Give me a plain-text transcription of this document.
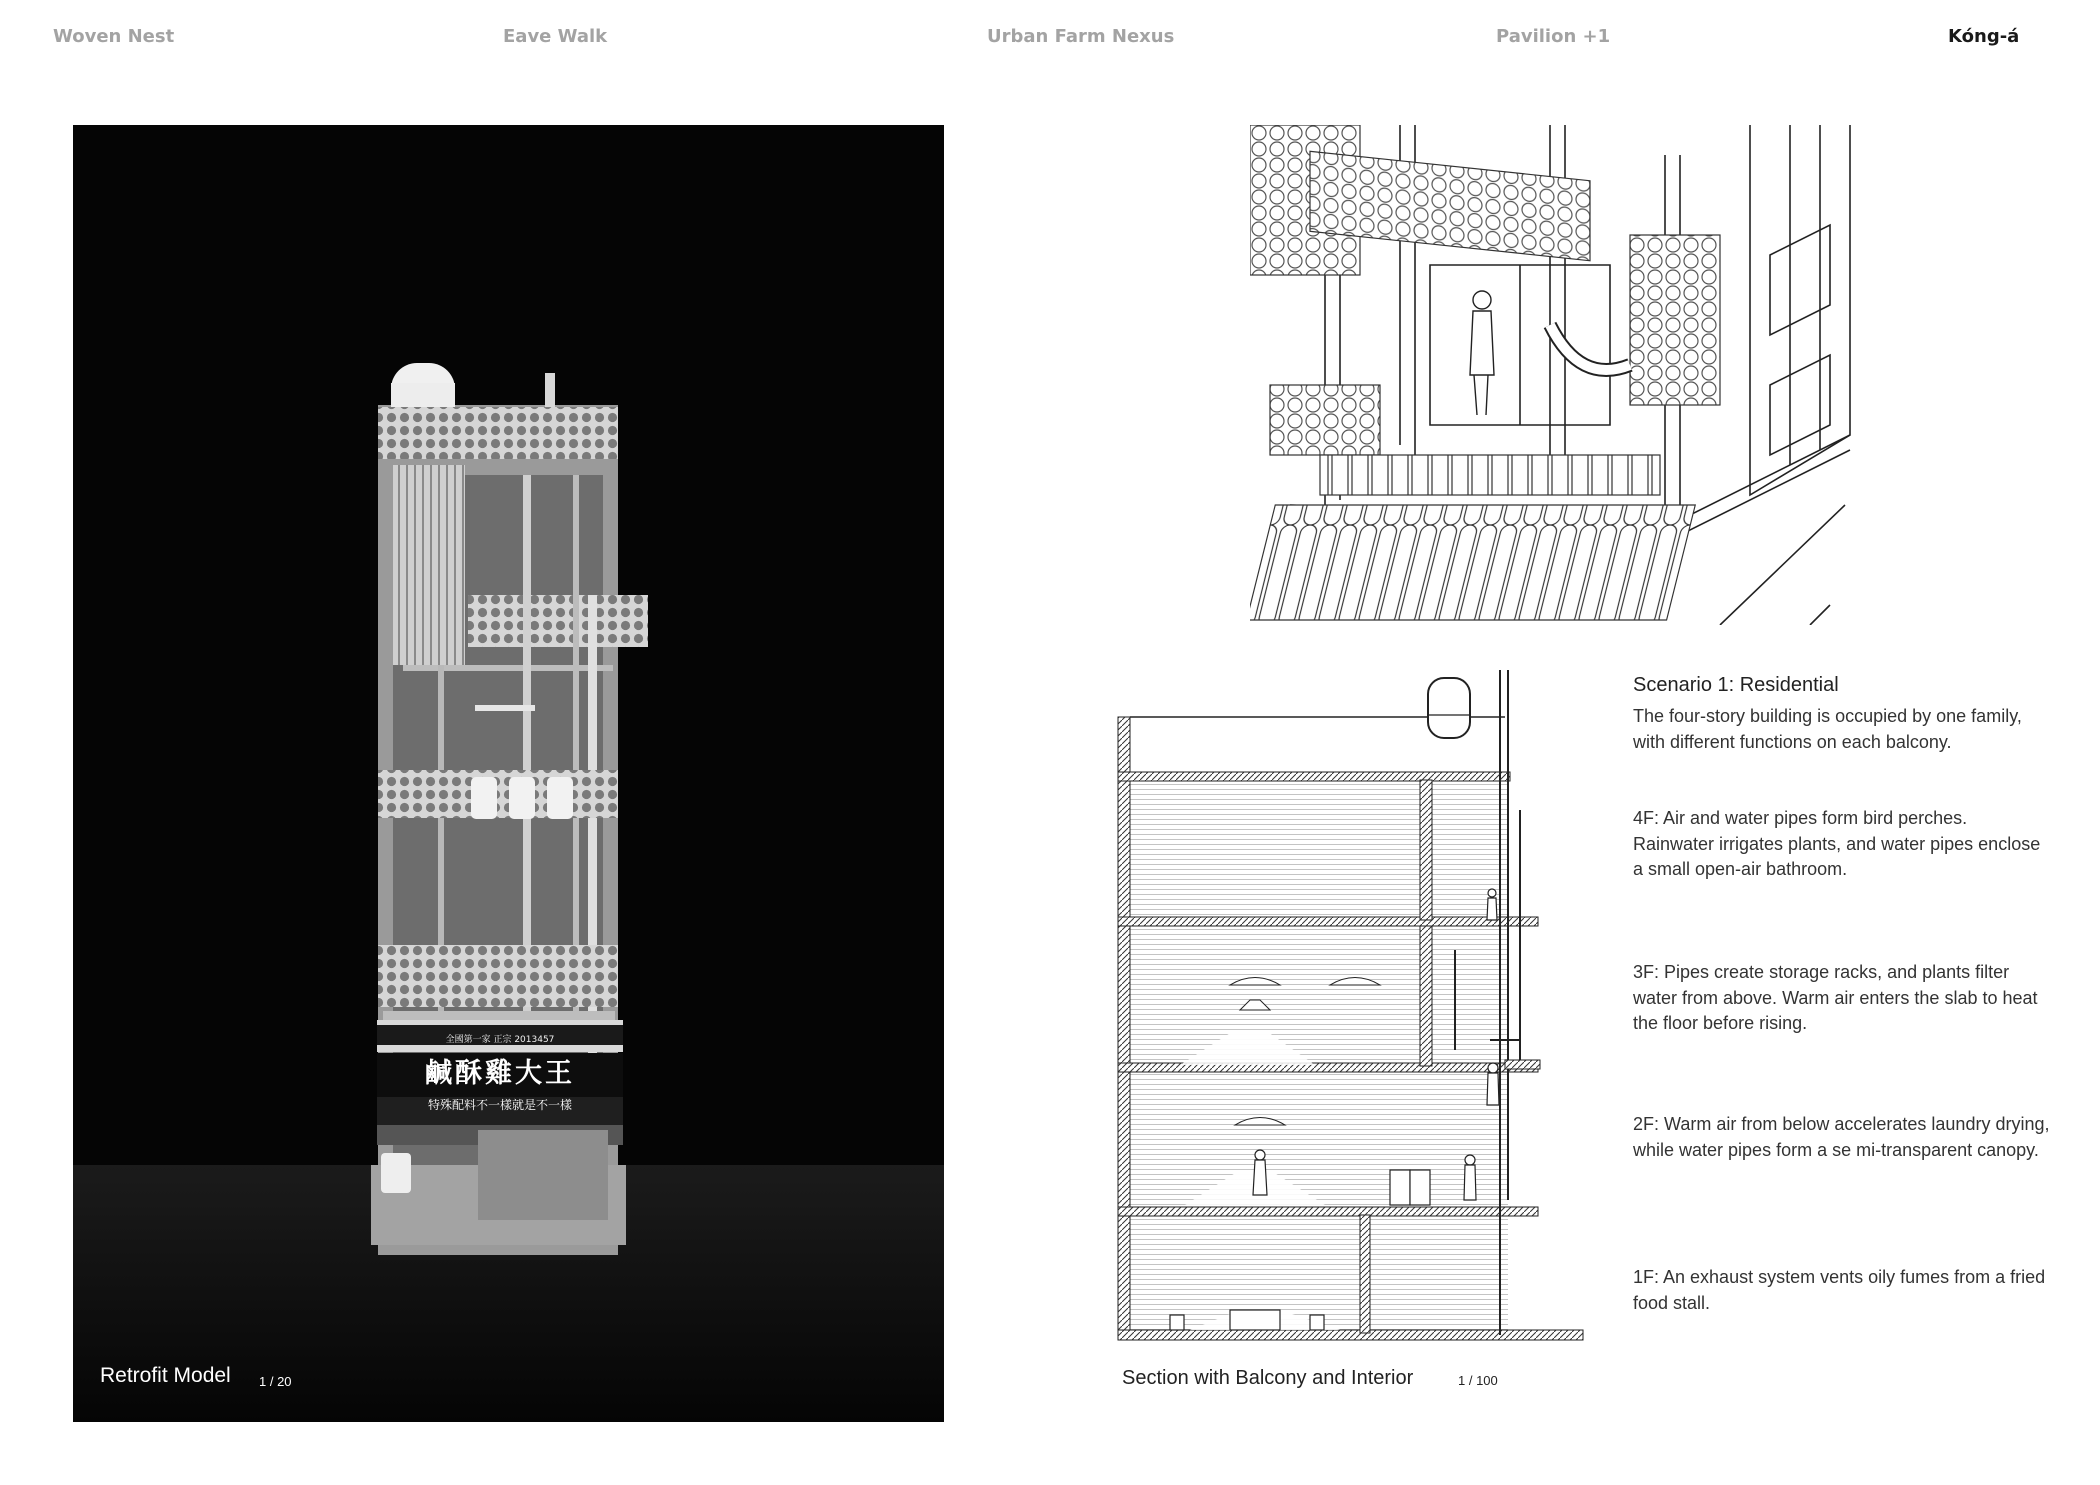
Woven Nest	Eave Walk	Urban Farm Nexus	Pavilion +1	Kóng-á
全國第一家 正宗 2013457
鹹酥雞大王
特殊配料不一樣就是不一樣
Retrofit Model 1 / 20	Section with Balcony and Interior	1 / 100
Scenario 1: Residential

The four-story building is occupied by one family, with different functions on each balcony.

4F: Air and water pipes form bird perches. Rainwater irrigates plants, and water pipes enclose a small open-air bathroom.

3F: Pipes create storage racks, and plants filter water from above. Warm air enters the slab to heat the floor before rising.

2F: Warm air from below accelerates laundry drying, while water pipes form a se mi-transparent canopy.

1F: An exhaust system vents oily fumes from a fried food stall.
